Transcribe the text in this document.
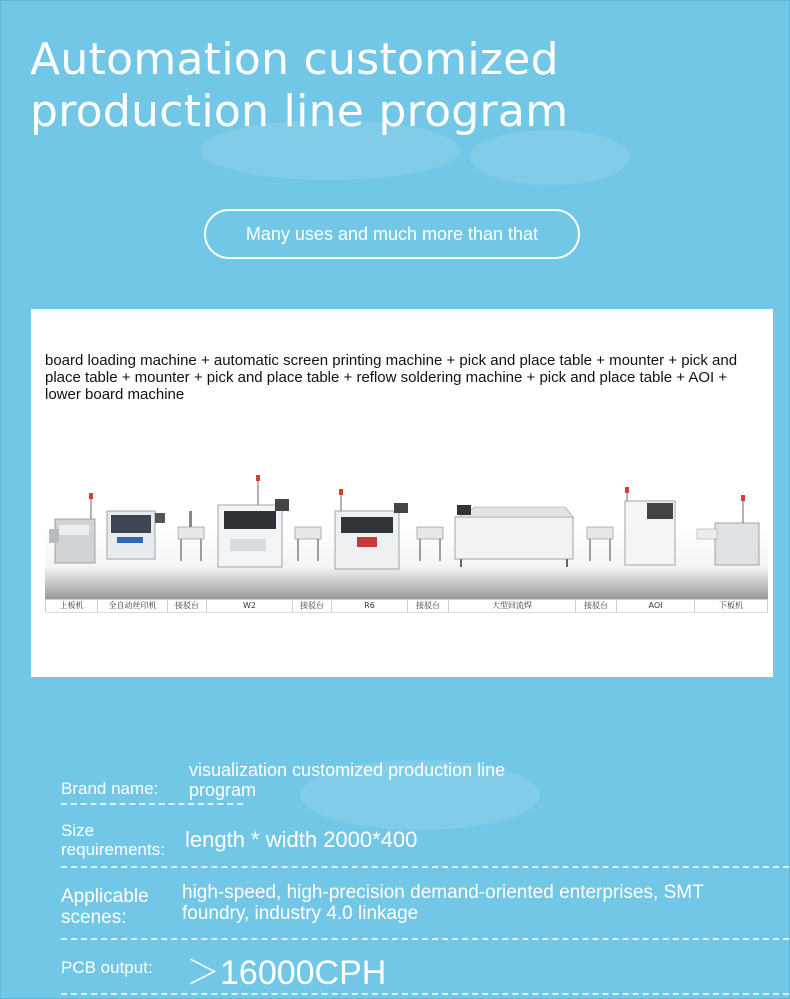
Automation customized production line program
Many uses and much more than that

board loading machine + automatic screen printing machine + pick and place table + mounter + pick and place table + mounter + pick and place table + reflow soldering machine + pick and place table + AOI + lower board machine

上板机	全自动丝印机	接驳台	W2	接驳台	R6	接驳台	大型回流焊	接驳台	AOI	下板机
Brand name:
visualization customized production line program
Size requirements: length * width 2000*400
Applicable scenes:
high-speed, high-precision demand-oriented enterprises, SMT foundry, industry 4.0 linkage
PCB output: ＞16000CPH
